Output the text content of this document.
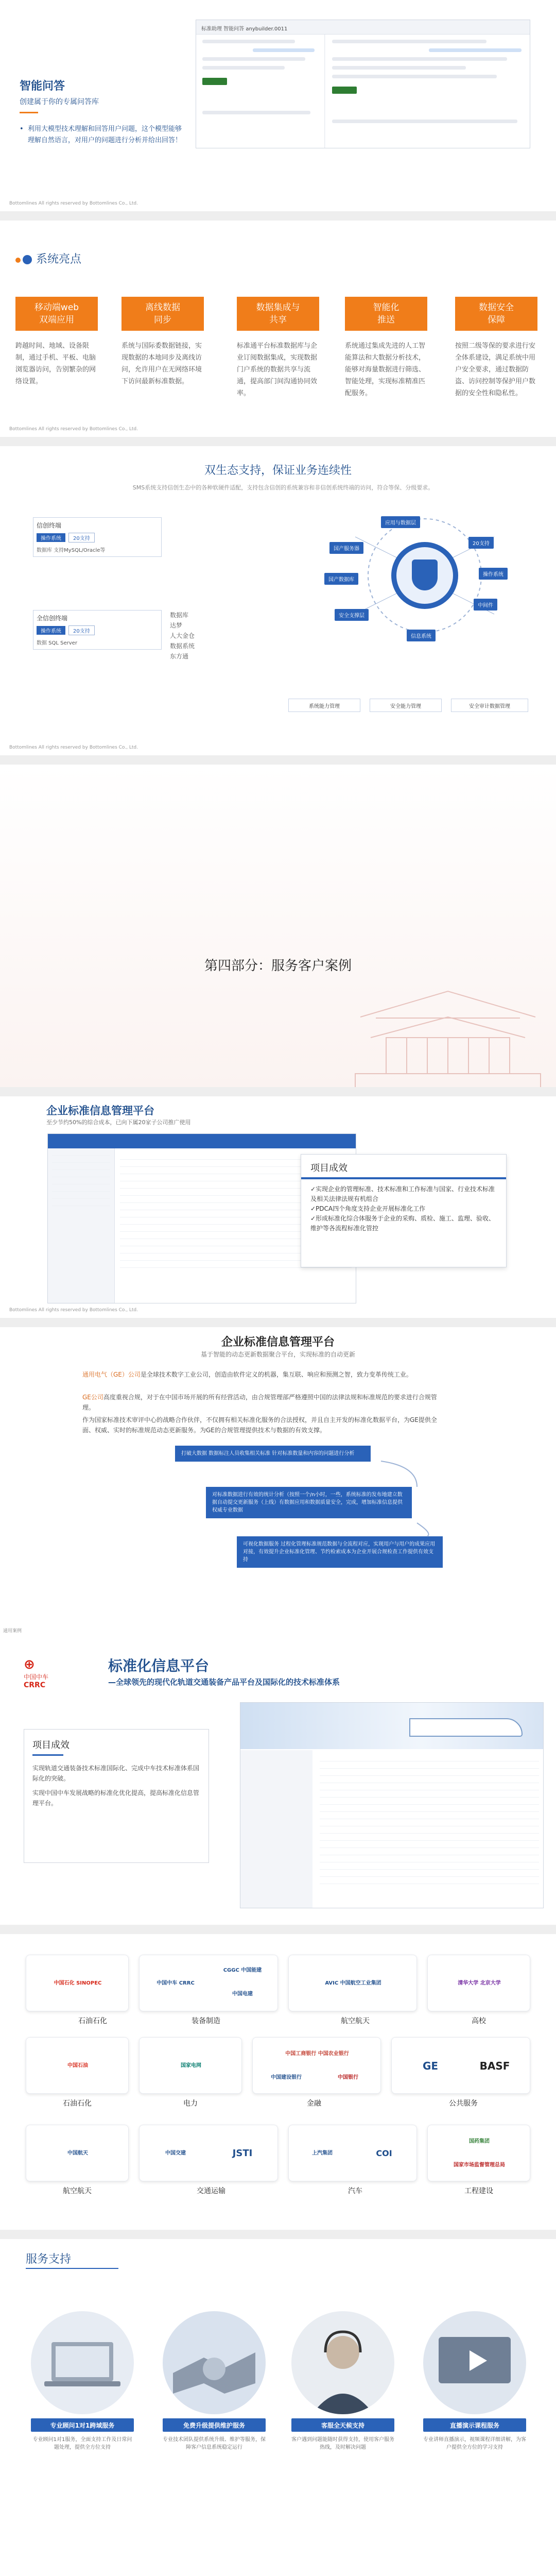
智能问答
创建属于你的专属问答库
• 利用大模型技术理解和回答用户问题，这个模型能够理解自然语言，对用户的问题进行分析并给出回答！
标准助理 智能问答 anybuilder.0011
Bottomlines All rights reserved by Bottomlines Co., Ltd.
系统亮点
移动端web
双端应用
跨越时间、地域、设备限制，通过手机、平板、电脑浏览器访问，告别繁杂的网络设置。
离线数据
同步
系统与国际委数据链接，实现数据的本地同步及离线访问，允许用户在无网络环境下访问最新标准数据。
数据集成与
共享
标准通平台标准数据库与企业订阅数据集成，实现数据门户系统的数据共享与流通，提高部门间沟通协同效率。
智能化
推送
系统通过集成先进的人工智能算法和大数据分析技术，能够对海量数据进行筛选、智能处理，实现标准精准匹配服务。
数据安全
保障
按照二级等保的要求进行安全体系建设，满足系统中用户安全要求，通过数据防盗、访问控制等保护用户数据的安全性和隐私性。
Bottomlines All rights reserved by Bottomlines Co., Ltd.
双生态支持，保证业务连续性
SMS系统支持信创生态中的各种软硬件适配，支持包含信创的系统兼容和非信创系统终端的访问，符合等保、分级要求。
信创终端
操作系统 20支持
数据库 支持MySQL/Oracle等
全信创终端
操作系统 20支持
数据 SQL Server
数据库
达梦
人大金仓
数据系统
东方通
应用与数据层
20支持
国产服务器
操作系统
国产数据库
中间件
安全支撑层
信息系统
系统能力管理	安全能力管理	安全审计数据管理
Bottomlines All rights reserved by Bottomlines Co., Ltd.
第四部分：服务客户案例
企业标准信息管理平台
至少节约50%的综合成本，已向下属20家子公司推广使用
项目成效
✓实现企业的管理标准、技术标准和工作标准与国家、行业技术标准及相关法律法规有机组合
✓PDCA四个角度支持企业开展标准化工作
✓形成标准化综合体服务于企业的采购、质检、施工、监理、验收、维护等各流程标准化管控
Bottomlines All rights reserved by Bottomlines Co., Ltd.
企业标准信息管理平台
基于智能的动态更新数据聚合平台，实现标准的自动更新
通用电气（GE）公司是全球技术数字工业公司，创造由软件定义的机器，集互联、响应和预测之智，致力变革传统工业。
GE公司高度重视合规，对于在中国市场开展的所有经营活动，由合规管理部严格遵照中国的法律法规和标准规范的要求进行合规管理。
作为国家标准技术审评中心的战略合作伙伴，不仅拥有相关标准化服务的合法授权，并且自主开发的标准化数据平台，为GE提供全面、权威、实时的标准规范动态更新服务。为GE的合规管理提供技术与数据的有效支撑。
打破大数据 数据标注人员收集相关标准 针对标准数量和内容的问题进行分析
对标准数据进行有效的统计分析（按照一个/n小时，一些，系统标准的发布地建立数据自动提交更新服务（上线）有数据应用和数据质量安全，完成，增加标准信息提供权威专业数据
可视化数据服务 过程化管理标准规范数据与全流程对应，实现用户与用户的成果应用对接，有效提升企业标准化管理、节约检索成本为企业开展合规检查工作提供有效支持
通用案例
⊕
中国中车
CRRC
标准化信息平台
—全球领先的现代化轨道交通装备产品平台及国际化的技术标准体系
项目成效
实现轨道交通装备技术标准国际化、完成中车技术标准体系国际化的突破。
实现中国中车发展战略的标准化优化提高，提高标准化信息管理平台。
中国石化 SINOPEC	中国中车 CRRC
CGGC 中国能建
中国电建
AVIC 中国航空工业集团	清华大学 北京大学
石油石化	装备制造	航空航天	高校
中国石油	国家电网
中国工商银行 中国农业银行
中国建设银行	中国银行
GE	BASF
石油石化	电力	金融	公共服务
中国航天	中国交建	JSTI	上汽集团	COI
国药集团
国家市场监督管理总局
航空航天	交通运输	汽车	工程建设
服务支持
专业顾问1对1跨域服务
专业顾问1对1服务，全面支持工作及日常问题处理，提供全方位支持
免费升级提供维护服务
专业技术团队提供系统升级、维护等服务，保障客户信息系统稳定运行
客服全天候支持
客户遇到问题能随时获得支持，使用客户服务热线，及时解决问题
直播演示课程服务
专业讲师直播演示，视频课程详细讲解，为客户提供全方位的学习支持
